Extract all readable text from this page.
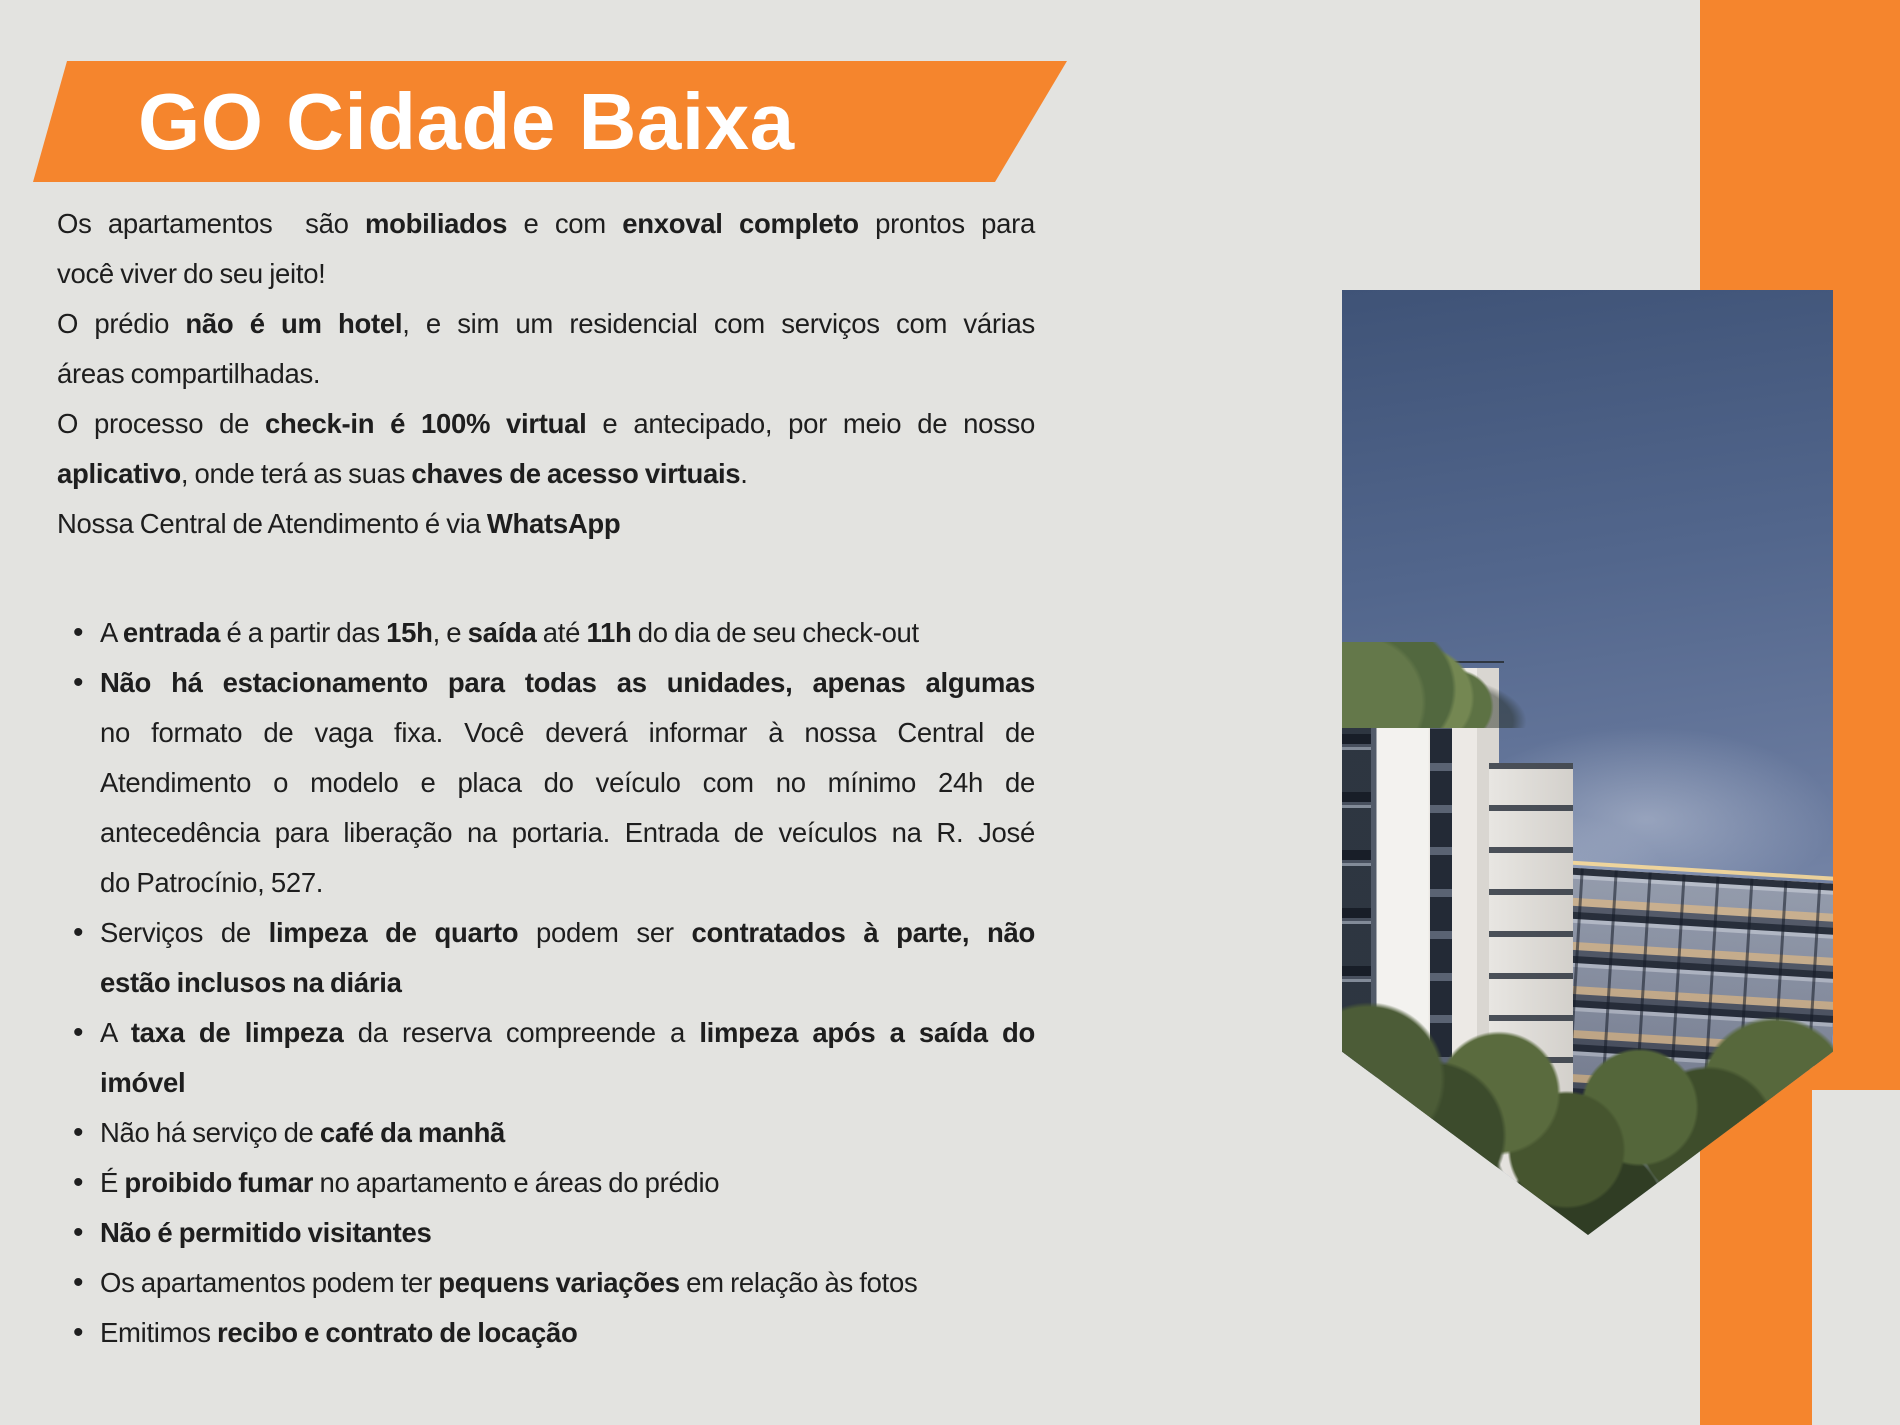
GO Cidade Baixa

Os apartamentos  são mobiliados e com enxoval completo prontos para
você viver do seu jeito!

O prédio não é um hotel, e sim um residencial com serviços com várias
áreas compartilhadas.

O processo de check-in é 100% virtual e antecipado, por meio de nosso
aplicativo, onde terá as suas chaves de acesso virtuais.

Nossa Central de Atendimento é via WhatsApp

• A entrada é a partir das 15h, e saída até 11h do dia de seu check-out
• Não há estacionamento para todas as unidades, apenas algumas
no formato de vaga fixa. Você deverá informar à nossa Central de
Atendimento o modelo e placa do veículo com no mínimo 24h de
antecedência para liberação na portaria. Entrada de veículos na R. José
do Patrocínio, 527.
• Serviços de limpeza de quarto podem ser contratados à parte, não
estão inclusos na diária
• A taxa de limpeza da reserva compreende a limpeza após a saída do
imóvel
• Não há serviço de café da manhã
• É proibido fumar no apartamento e áreas do prédio
• Não é permitido visitantes
• Os apartamentos podem ter pequens variações em relação às fotos
• Emitimos recibo e contrato de locação
